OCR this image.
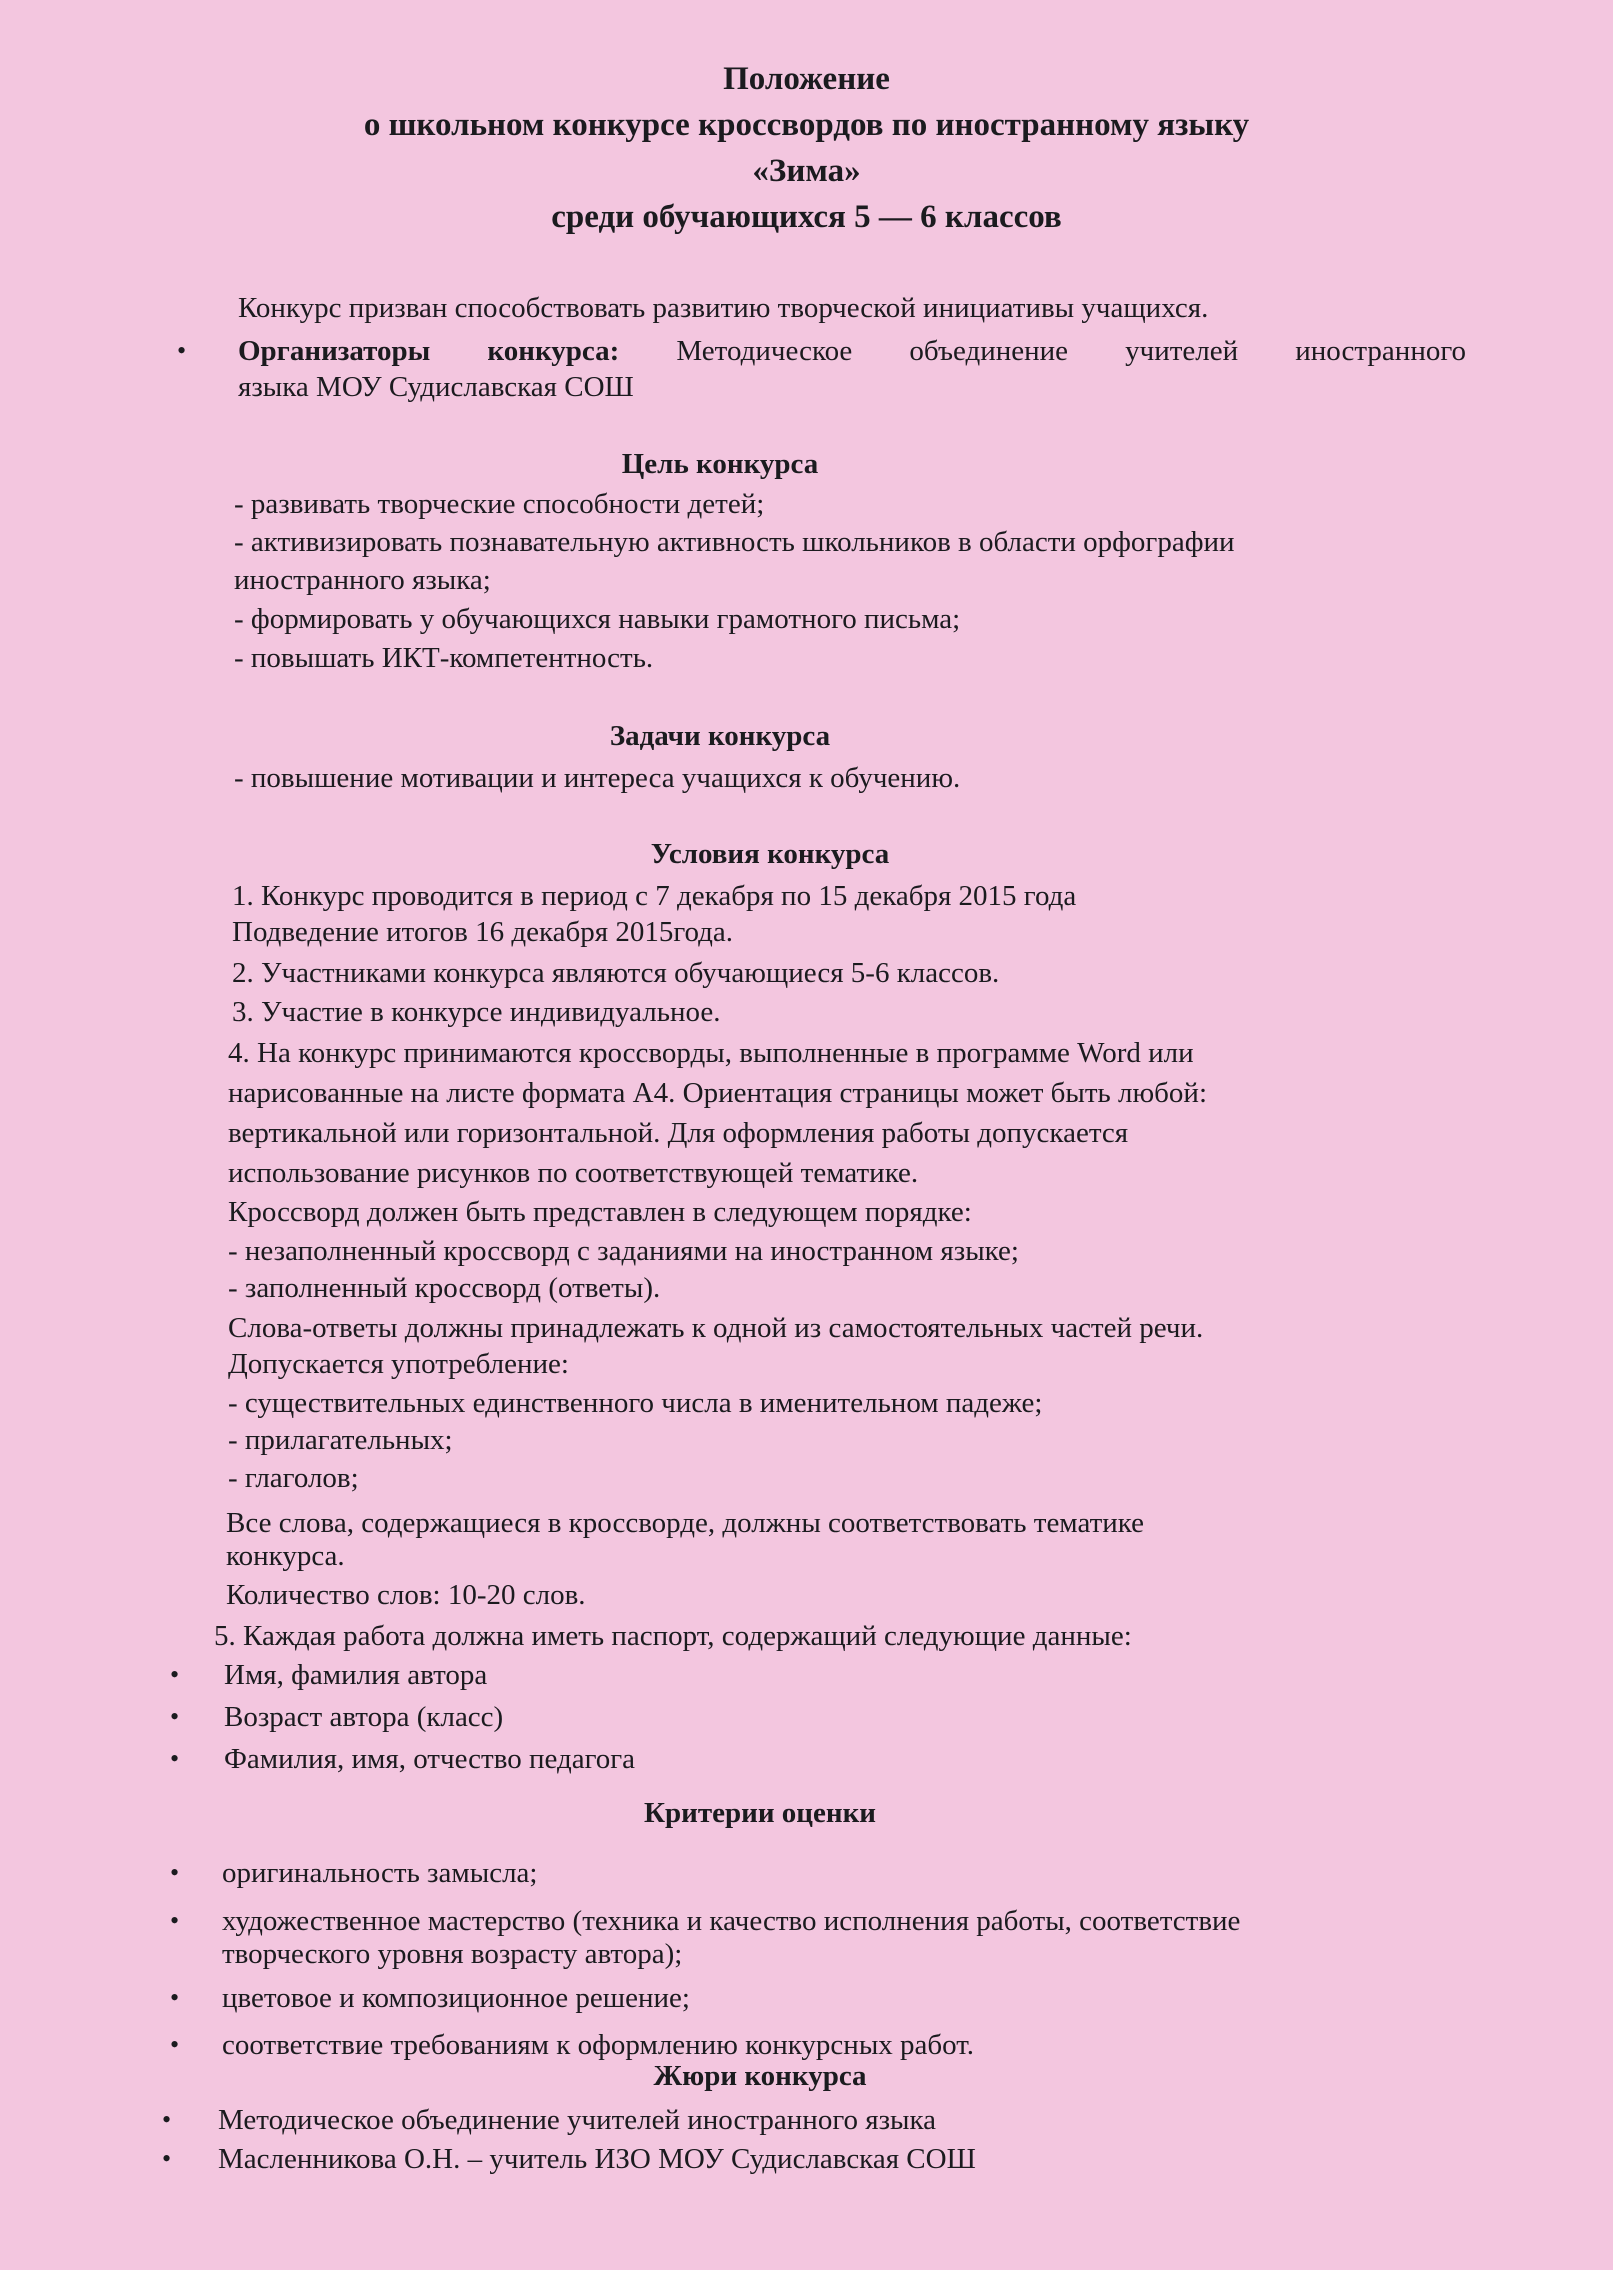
Положение
о школьном конкурсе кроссвордов по иностранному языку
«Зима»
среди обучающихся 5 — 6 классов
Конкурс призван способствовать развитию творческой инициативы учащихся.
• Организаторы конкурса: Методическое объединение учителей иностранного
языка МОУ Судиславская СОШ
Цель конкурса
- развивать творческие способности детей;
- активизировать познавательную активность школьников в области орфографии
иностранного языка;
- формировать у обучающихся навыки грамотного письма;
- повышать ИКТ-компетентность.
Задачи конкурса
- повышение мотивации и интереса учащихся к обучению.
Условия конкурса
1. Конкурс проводится в период с 7 декабря по 15 декабря 2015 года
Подведение итогов 16 декабря 2015года.
2. Участниками конкурса являются обучающиеся 5-6 классов.
3. Участие в конкурсе индивидуальное.
4. На конкурс принимаются кроссворды, выполненные в программе Word или
нарисованные на листе формата А4. Ориентация страницы может быть любой:
вертикальной или горизонтальной. Для оформления работы допускается
использование рисунков по соответствующей тематике.
Кроссворд должен быть представлен в следующем порядке:
- незаполненный кроссворд с заданиями на иностранном языке;
- заполненный кроссворд (ответы).
Слова-ответы должны принадлежать к одной из самостоятельных частей речи.
Допускается употребление:
- существительных единственного числа в именительном падеже;
- прилагательных;
- глаголов;
Все слова, содержащиеся в кроссворде, должны соответствовать тематике
конкурса.
Количество слов: 10-20 слов.
5. Каждая работа должна иметь паспорт, содержащий следующие данные:
• Имя, фамилия автора
• Возраст автора (класс)
• Фамилия, имя, отчество педагога
Критерии оценки
• оригинальность замысла;
• художественное мастерство (техника и качество исполнения работы, соответствие
творческого уровня возрасту автора);
• цветовое и композиционное решение;
• соответствие требованиям к оформлению конкурсных работ.
Жюри конкурса
• Методическое объединение учителей иностранного языка
• Масленникова О.Н. – учитель ИЗО МОУ Судиславская СОШ
